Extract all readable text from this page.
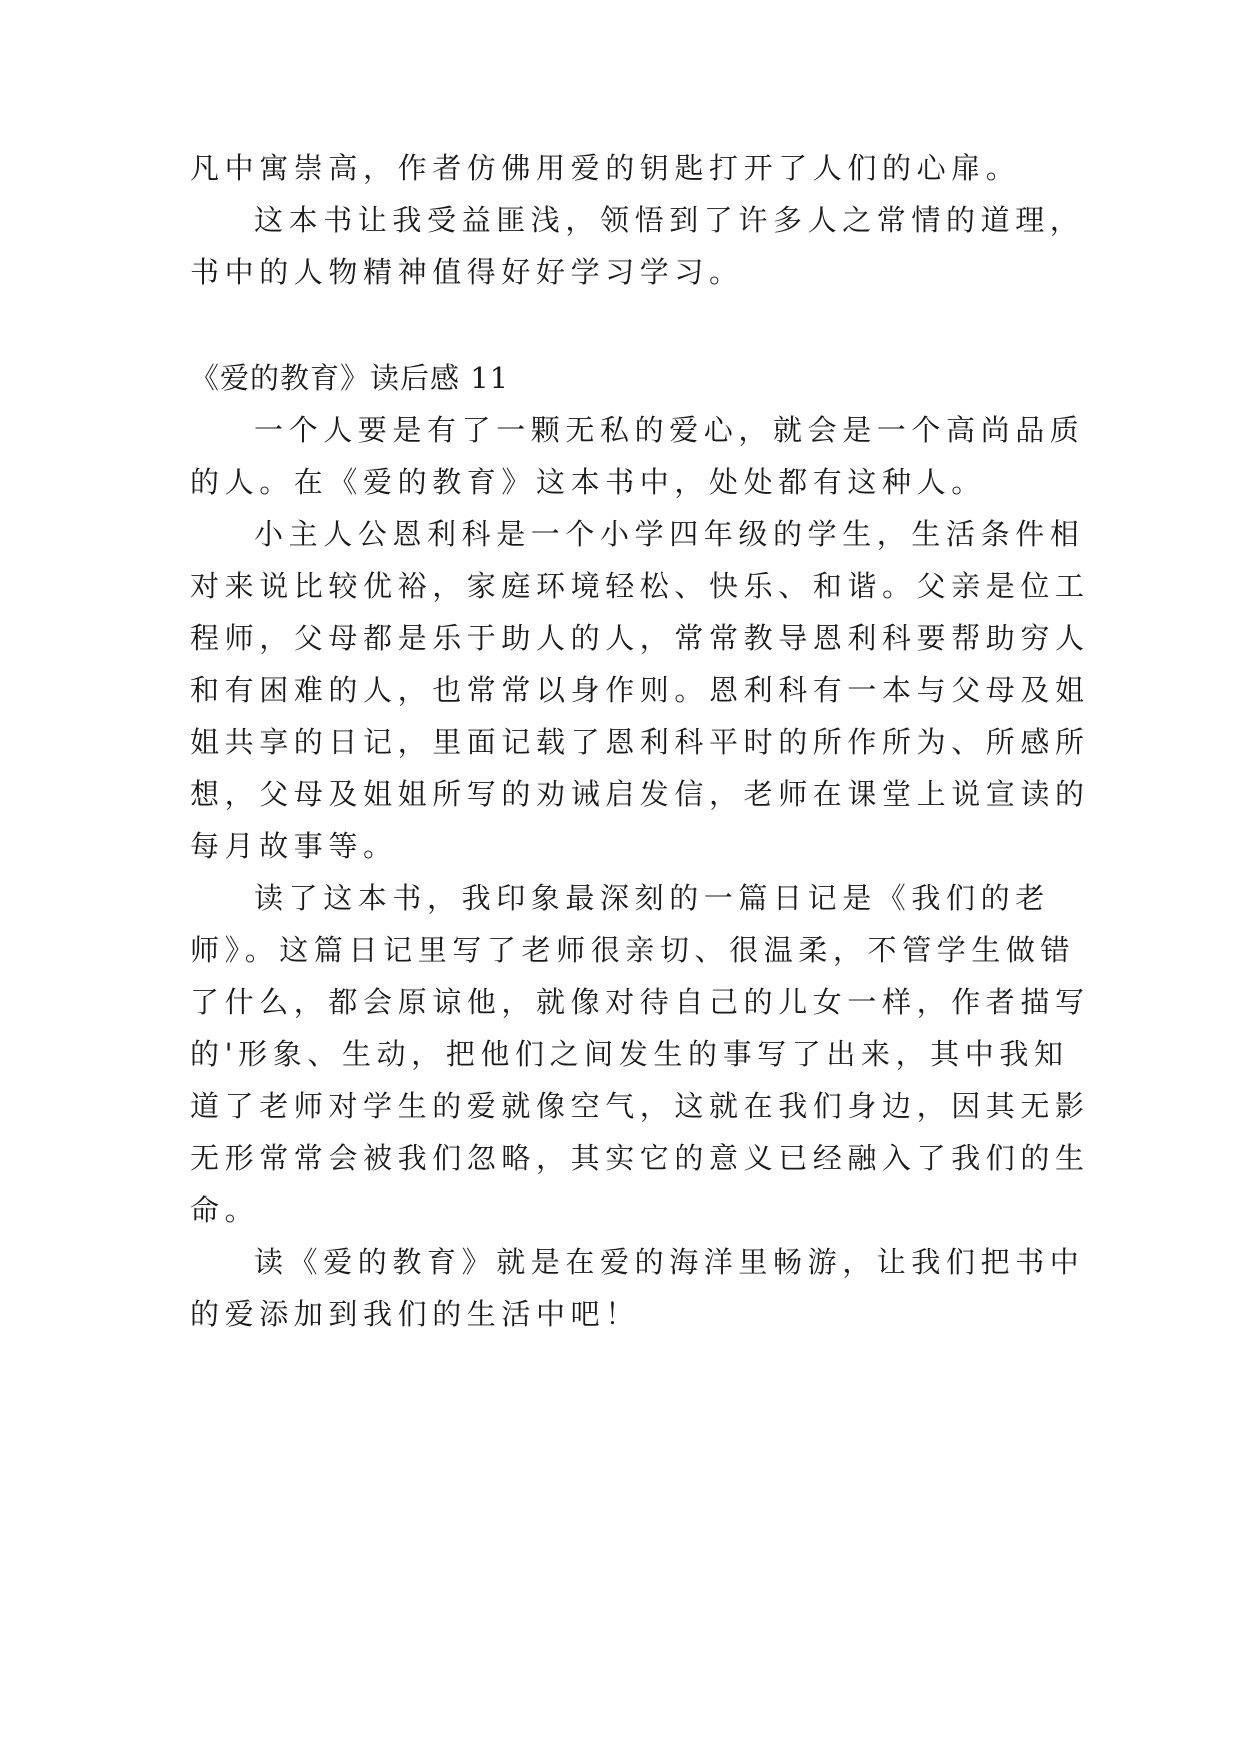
凡中寓崇高，作者仿佛用爱的钥匙打开了人们的心扉。
这本书让我受益匪浅，领悟到了许多人之常情的道理，
书中的人物精神值得好好学习学习。
《爱的教育》读后感 11
一个人要是有了一颗无私的爱心，就会是一个高尚品质
的人。在《爱的教育》这本书中，处处都有这种人。
小主人公恩利科是一个小学四年级的学生，生活条件相
对来说比较优裕，家庭环境轻松、快乐、和谐。父亲是位工
程师，父母都是乐于助人的人，常常教导恩利科要帮助穷人
和有困难的人，也常常以身作则。恩利科有一本与父母及姐
姐共享的日记，里面记载了恩利科平时的所作所为、所感所
想，父母及姐姐所写的劝诫启发信，老师在课堂上说宣读的
每月故事等。
读了这本书，我印象最深刻的一篇日记是《我们的老
师》。这篇日记里写了老师很亲切、很温柔，不管学生做错
了什么，都会原谅他，就像对待自己的儿女一样，作者描写
的'形象、生动，把他们之间发生的事写了出来，其中我知
道了老师对学生的爱就像空气，这就在我们身边，因其无影
无形常常会被我们忽略，其实它的意义已经融入了我们的生
命。
读《爱的教育》就是在爱的海洋里畅游，让我们把书中
的爱添加到我们的生活中吧！
